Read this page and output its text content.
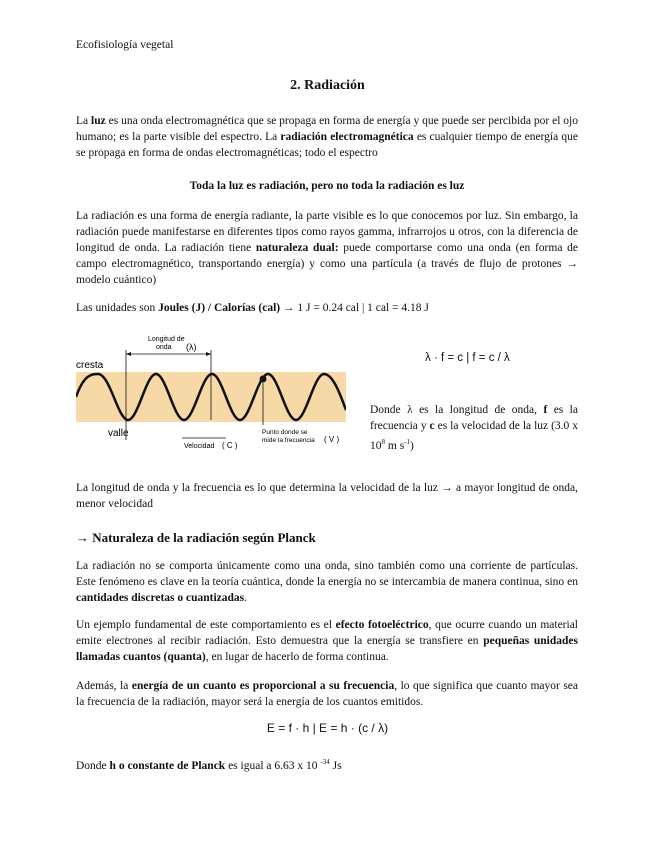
Ecofisiología vegetal
2. Radiación
La luz es una onda electromagnética que se propaga en forma de energía y que puede ser percibida por el ojo humano; es la parte visible del espectro. La radiación electromagnética es cualquier tiempo de energía que se propaga en forma de ondas electromagnéticas; todo el espectro
Toda la luz es radiación, pero no toda la radiación es luz
La radiación es una forma de energía radiante, la parte visible es lo que conocemos por luz. Sin embargo, la radiación puede manifestarse en diferentes tipos como rayos gamma, infrarrojos u otros, con la diferencia de longitud de onda. La radiación tiene naturaleza dual: puede comportarse como una onda (en forma de campo electromagnético, transportando energía) y como una partícula (a través de flujo de protones → modelo cuántico)
Las unidades son Joules (J) / Calorías (cal) → 1 J = 0.24 cal | 1 cal = 4.18 J
Longitud de
onda (λ)
cresta
valle
Velocidad ( C )
Punto donde se
mide la frecuencia ( V )
λ · f = c | f = c / λ
Donde λ es la longitud de onda, f es la frecuencia y c es la velocidad de la luz (3.0 x $10^8$ m $s^{-1}$)
La longitud de onda y la frecuencia es lo que determina la velocidad de la luz → a mayor longitud de onda, menor velocidad
→ Naturaleza de la radiación según Planck
La radiación no se comporta únicamente como una onda, sino también como una corriente de partículas. Este fenómeno es clave en la teoría cuántica, donde la energía no se intercambia de manera continua, sino en cantidades discretas o cuantizadas.
Un ejemplo fundamental de este comportamiento es el efecto fotoeléctrico, que ocurre cuando un material emite electrones al recibir radiación. Esto demuestra que la energía se transfiere en pequeñas unidades llamadas cuantos (quanta), en lugar de hacerlo de forma continua.
Además, la energía de un cuanto es proporcional a su frecuencia, lo que significa que cuanto mayor sea la frecuencia de la radiación, mayor será la energía de los cuantos emitidos.
E = f · h | E = h · (c / λ)
Donde h o constante de Planck es igual a 6.63 x 10 $^{-34}$ Js
